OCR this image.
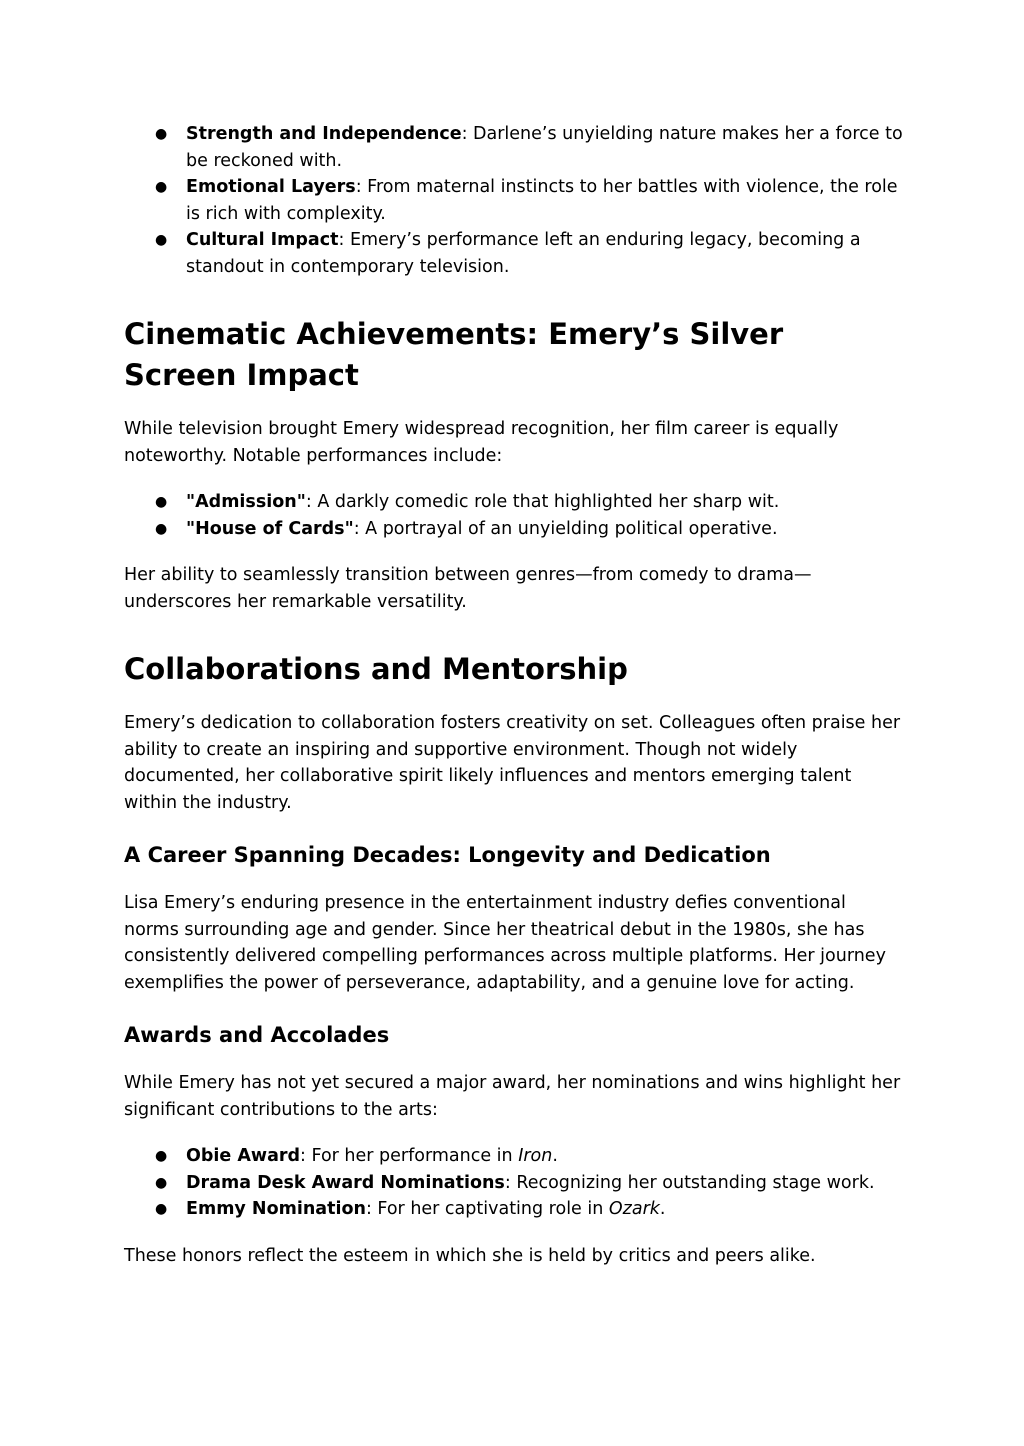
● Strength and Independence: Darlene’s unyielding nature makes her a force to be reckoned with.
● Emotional Layers: From maternal instincts to her battles with violence, the role is rich with complexity.
● Cultural Impact: Emery’s performance left an enduring legacy, becoming a standout in contemporary television.
Cinematic Achievements: Emery’s Silver Screen Impact

While television brought Emery widespread recognition, her film career is equally noteworthy. Notable performances include:

● "Admission": A darkly comedic role that highlighted her sharp wit.
● "House of Cards": A portrayal of an unyielding political operative.

Her ability to seamlessly transition between genres—from comedy to drama—underscores her remarkable versatility.

Collaborations and Mentorship

Emery’s dedication to collaboration fosters creativity on set. Colleagues often praise her ability to create an inspiring and supportive environment. Though not widely documented, her collaborative spirit likely influences and mentors emerging talent within the industry.

A Career Spanning Decades: Longevity and Dedication

Lisa Emery’s enduring presence in the entertainment industry defies conventional norms surrounding age and gender. Since her theatrical debut in the 1980s, she has consistently delivered compelling performances across multiple platforms. Her journey exemplifies the power of perseverance, adaptability, and a genuine love for acting.

Awards and Accolades

While Emery has not yet secured a major award, her nominations and wins highlight her significant contributions to the arts:

● Obie Award: For her performance in Iron.
● Drama Desk Award Nominations: Recognizing her outstanding stage work.
● Emmy Nomination: For her captivating role in Ozark.

These honors reflect the esteem in which she is held by critics and peers alike.
